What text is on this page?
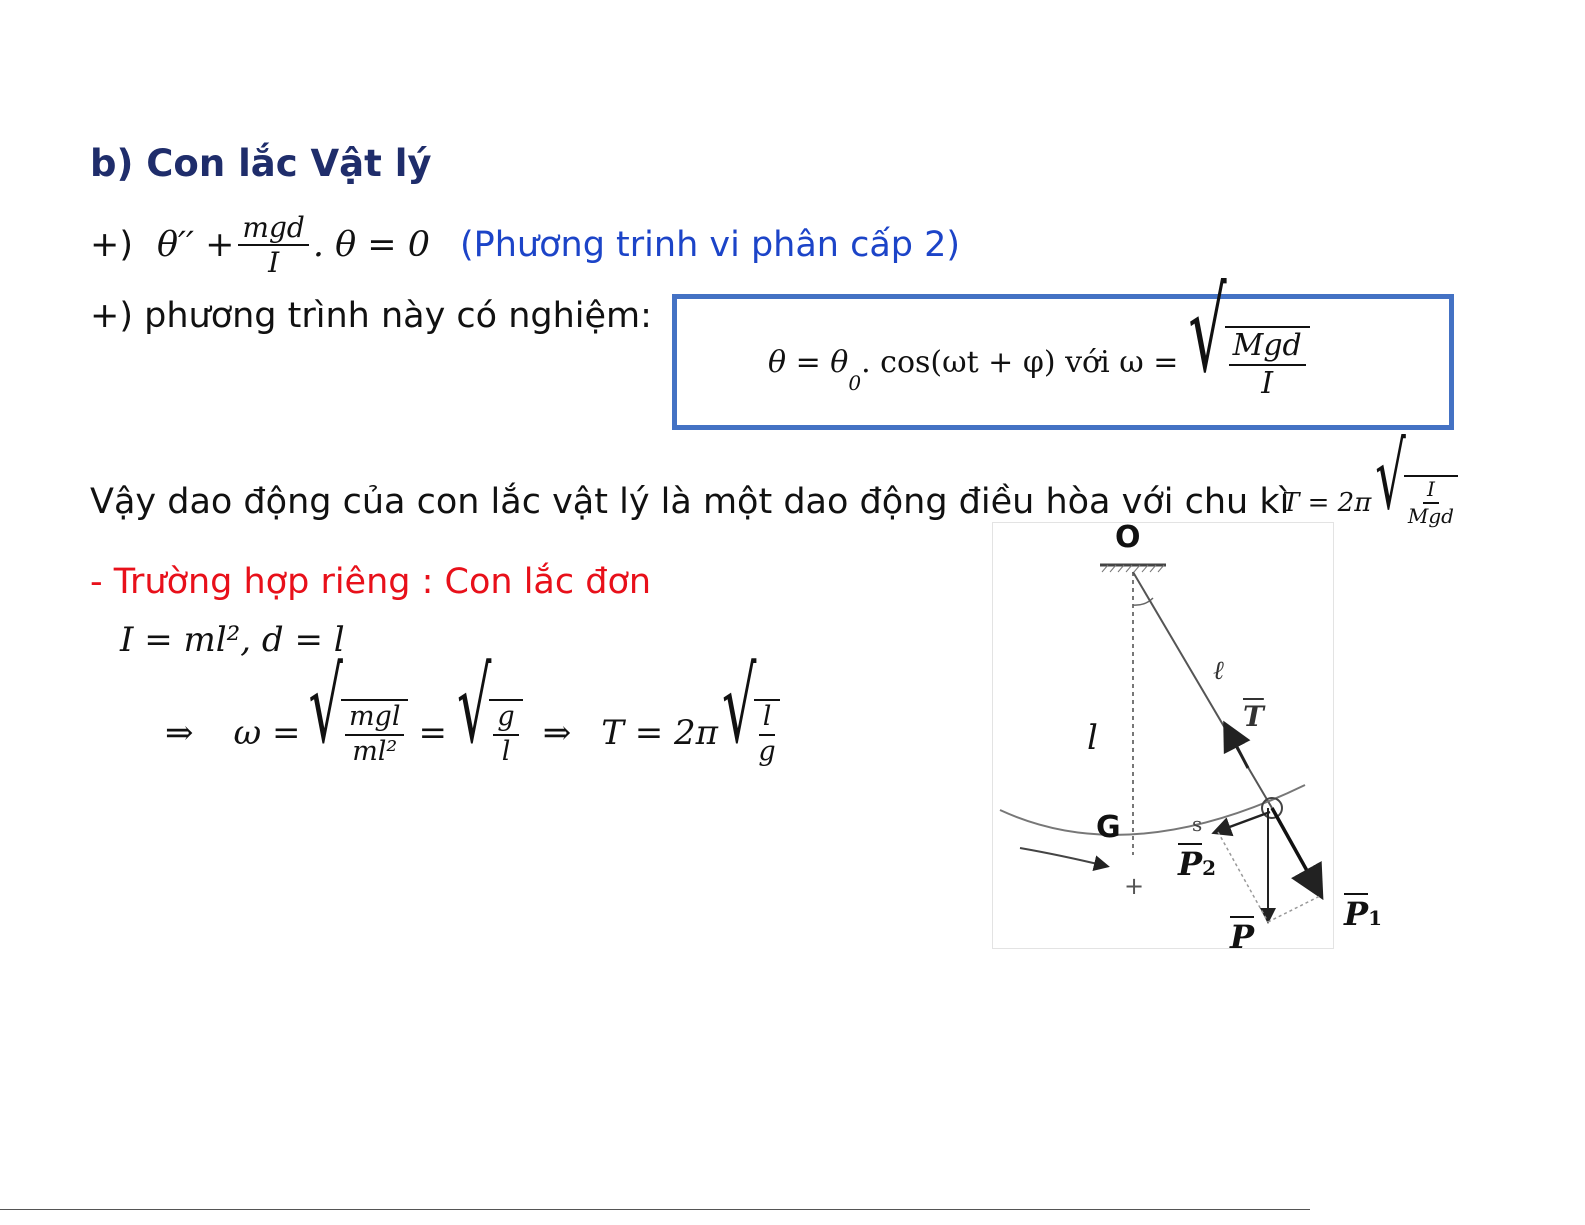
b) Con lắc Vật lý
+) $\theta'' + \frac{\text{mgd}}{I}$ . θ = 0 (Phương trinh vi phân cấp 2)
+) phương trình này có nghiệm:
θ = θ
0
. cos(ωt + φ) với ω = √ $\frac{\text{Mgd}}{I}$
Vậy dao động của con lắc vật lý là một dao động điều hòa với chu kì
T = 2π √ $\frac{I}{\text{Mgd}}$
- Trường hợp riêng : Con lắc đơn
I = ml², d = l
⇒ ω = √ $\frac{\text{mgl}}{\text{ml²}}$ = √ $\frac{g}{l}$ ⇒ T = 2π √ $\frac{l}{g}$
O
l
ℓ
$\overline{T}$
G	s
+
P2
P
P1
